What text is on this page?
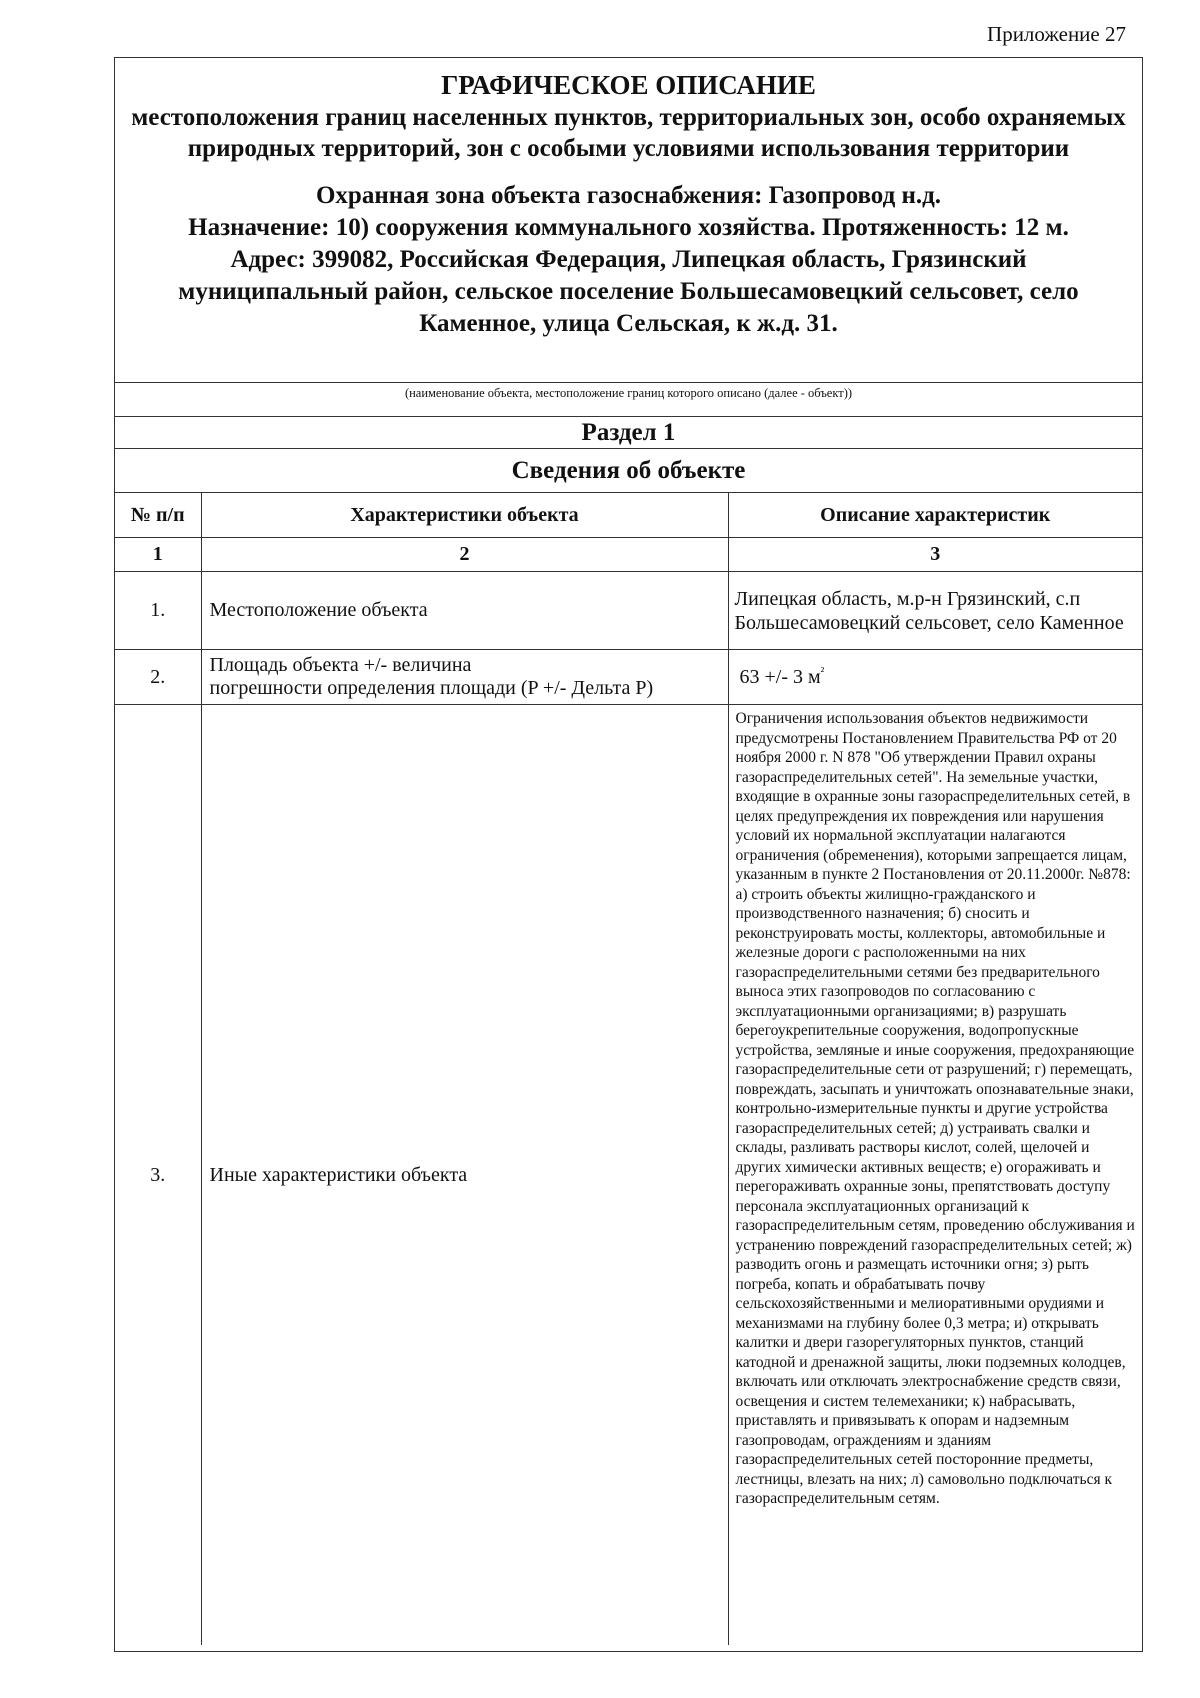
Приложение 27
ГРАФИЧЕСКОЕ ОПИСАНИЕ
местоположения границ населенных пунктов, территориальных зон, особо охраняемых природных территорий, зон с особыми условиями использования территории
Охранная зона объекта газоснабжения: Газопровод н.д.
Назначение: 10) сооружения коммунального хозяйства. Протяженность: 12 м.
Адрес: 399082, Российская Федерация, Липецкая область, Грязинский
муниципальный район, сельское поселение Большесамовецкий сельсовет, село
Каменное, улица Сельская, к ж.д. 31.
(наименование объекта, местоположение границ которого описано (далее - объект))
Раздел 1
Сведения об объекте
№ п/п	Характеристики объекта	Описание характеристик
1	2	3
1.	Местоположение объекта	Липецкая область, м.р-н Грязинский, с.п Большесамовецкий сельсовет, село Каменное
2.	Площадь объекта +/- величина
погрешности определения площади (P +/- Дельта P)	63 +/- 3 $м^{^2}$
3.	Иные характеристики объекта	Ограничения использования объектов недвижимости предусмотрены Постановлением Правительства РФ от 20 ноября 2000 г. N 878 "Об утверждении Правил охраны газораспределительных сетей". На земельные участки, входящие в охранные зоны газораспределительных сетей, в целях предупреждения их повреждения или нарушения условий их нормальной эксплуатации налагаются ограничения (обременения), которыми запрещается лицам, указанным в пункте 2 Постановления от 20.11.2000г. №878: а) строить объекты жилищно-гражданского и производственного назначения; б) сносить и реконструировать мосты, коллекторы, автомобильные и железные дороги с расположенными на них газораспределительными сетями без предварительного выноса этих газопроводов по согласованию с эксплуатационными организациями; в) разрушать берегоукрепительные сооружения, водопропускные устройства, земляные и иные сооружения, предохраняющие газораспределительные сети от разрушений; г) перемещать, повреждать, засыпать и уничтожать опознавательные знаки, контрольно-измерительные пункты и другие устройства газораспределительных сетей; д) устраивать свалки и склады, разливать растворы кислот, солей, щелочей и других химически активных веществ; е) огораживать и перегораживать охранные зоны, препятствовать доступу персонала эксплуатационных организаций к газораспределительным сетям, проведению обслуживания и устранению повреждений газораспределительных сетей; ж) разводить огонь и размещать источники огня; з) рыть погреба, копать и обрабатывать почву сельскохозяйственными и мелиоративными орудиями и механизмами на глубину более 0,3 метра; и) открывать калитки и двери газорегуляторных пунктов, станций катодной и дренажной защиты, люки подземных колодцев, включать или отключать электроснабжение средств связи, освещения и систем телемеханики; к) набрасывать, приставлять и привязывать к опорам и надземным газопроводам, ограждениям и зданиям газораспределительных сетей посторонние предметы, лестницы, влезать на них; л) самовольно подключаться к газораспределительным сетям.
